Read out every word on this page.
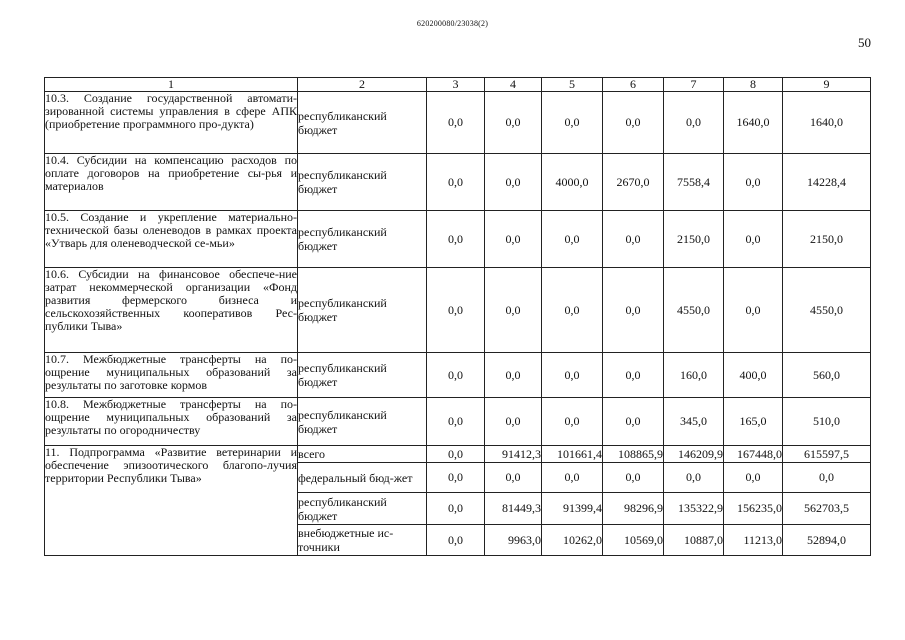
620200080/23038(2)
50
1	2	3	4	5	6	7	8	9
10.3. Создание государственной автомати-зированной системы управления в сфере АПК (приобретение программного про-дукта)	республиканский бюджет	0,0	0,0	0,0	0,0	0,0	1640,0	1640,0
10.4. Субсидии на компенсацию расходов по оплате договоров на приобретение сы-рья и материалов	республиканский бюджет	0,0	0,0	4000,0	2670,0	7558,4	0,0	14228,4
10.5. Создание и укрепление материально-технической базы оленеводов в рамках проекта «Утварь для оленеводческой се-мьи»	республиканский бюджет	0,0	0,0	0,0	0,0	2150,0	0,0	2150,0
10.6. Субсидии на финансовое обеспече-ние затрат некоммерческой организации «Фонд развития фермерского бизнеса и сельскохозяйственных кооперативов Рес-публики Тыва»	республиканский бюджет	0,0	0,0	0,0	0,0	4550,0	0,0	4550,0
10.7. Межбюджетные трансферты на по-ощрение муниципальных образований за результаты по заготовке кормов	республиканский бюджет	0,0	0,0	0,0	0,0	160,0	400,0	560,0
10.8. Межбюджетные трансферты на по-ощрение муниципальных образований за результаты по огородничеству	республиканский бюджет	0,0	0,0	0,0	0,0	345,0	165,0	510,0
11. Подпрограмма «Развитие ветеринарии и обеспечение эпизоотического благопо-лучия территории Республики Тыва»	всего	0,0	91412,3	101661,4	108865,9	146209,9	167448,0	615597,5
	федеральный бюд-жет	0,0	0,0	0,0	0,0	0,0	0,0	0,0
	республиканский бюджет	0,0	81449,3	91399,4	98296,9	135322,9	156235,0	562703,5
	внебюджетные ис-точники	0,0	9963,0	10262,0	10569,0	10887,0	11213,0	52894,0
